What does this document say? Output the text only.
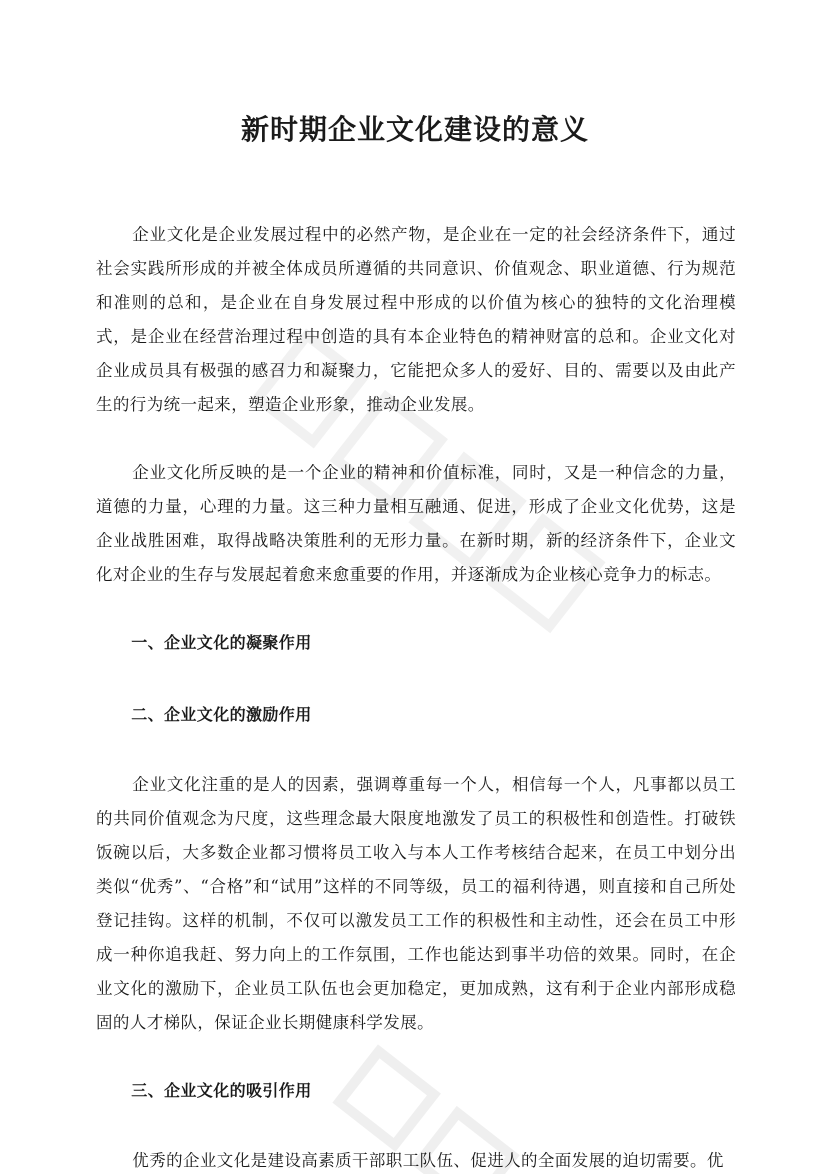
新时期企业文化建设的意义

企业文化是企业发展过程中的必然产物，是企业在一定的社会经济条件下，通过社会实践所形成的并被全体成员所遵循的共同意识、价值观念、职业道德、行为规范和准则的总和，是企业在自身发展过程中形成的以价值为核心的独特的文化治理模式，是企业在经营治理过程中创造的具有本企业特色的精神财富的总和。企业文化对企业成员具有极强的感召力和凝聚力，它能把众多人的爱好、目的、需要以及由此产生的行为统一起来，塑造企业形象，推动企业发展。

企业文化所反映的是一个企业的精神和价值标准，同时，又是一种信念的力量，道德的力量，心理的力量。这三种力量相互融通、促进，形成了企业文化优势，这是企业战胜困难，取得战略决策胜利的无形力量。在新时期，新的经济条件下，企业文化对企业的生存与发展起着愈来愈重要的作用，并逐渐成为企业核心竞争力的标志。

一、企业文化的凝聚作用

二、企业文化的激励作用

企业文化注重的是人的因素，强调尊重每一个人，相信每一个人，凡事都以员工的共同价值观念为尺度，这些理念最大限度地激发了员工的积极性和创造性。打破铁饭碗以后，大多数企业都习惯将员工收入与本人工作考核结合起来，在员工中划分出类似“优秀”、“合格”和“试用”这样的不同等级，员工的福利待遇，则直接和自己所处登记挂钩。这样的机制，不仅可以激发员工工作的积极性和主动性，还会在员工中形成一种你追我赶、努力向上的工作氛围，工作也能达到事半功倍的效果。同时，在企业文化的激励下，企业员工队伍也会更加稳定，更加成熟，这有利于企业内部形成稳固的人才梯队，保证企业长期健康科学发展。

三、企业文化的吸引作用

优秀的企业文化是建设高素质干部职工队伍、促进人的全面发展的迫切需要。优
